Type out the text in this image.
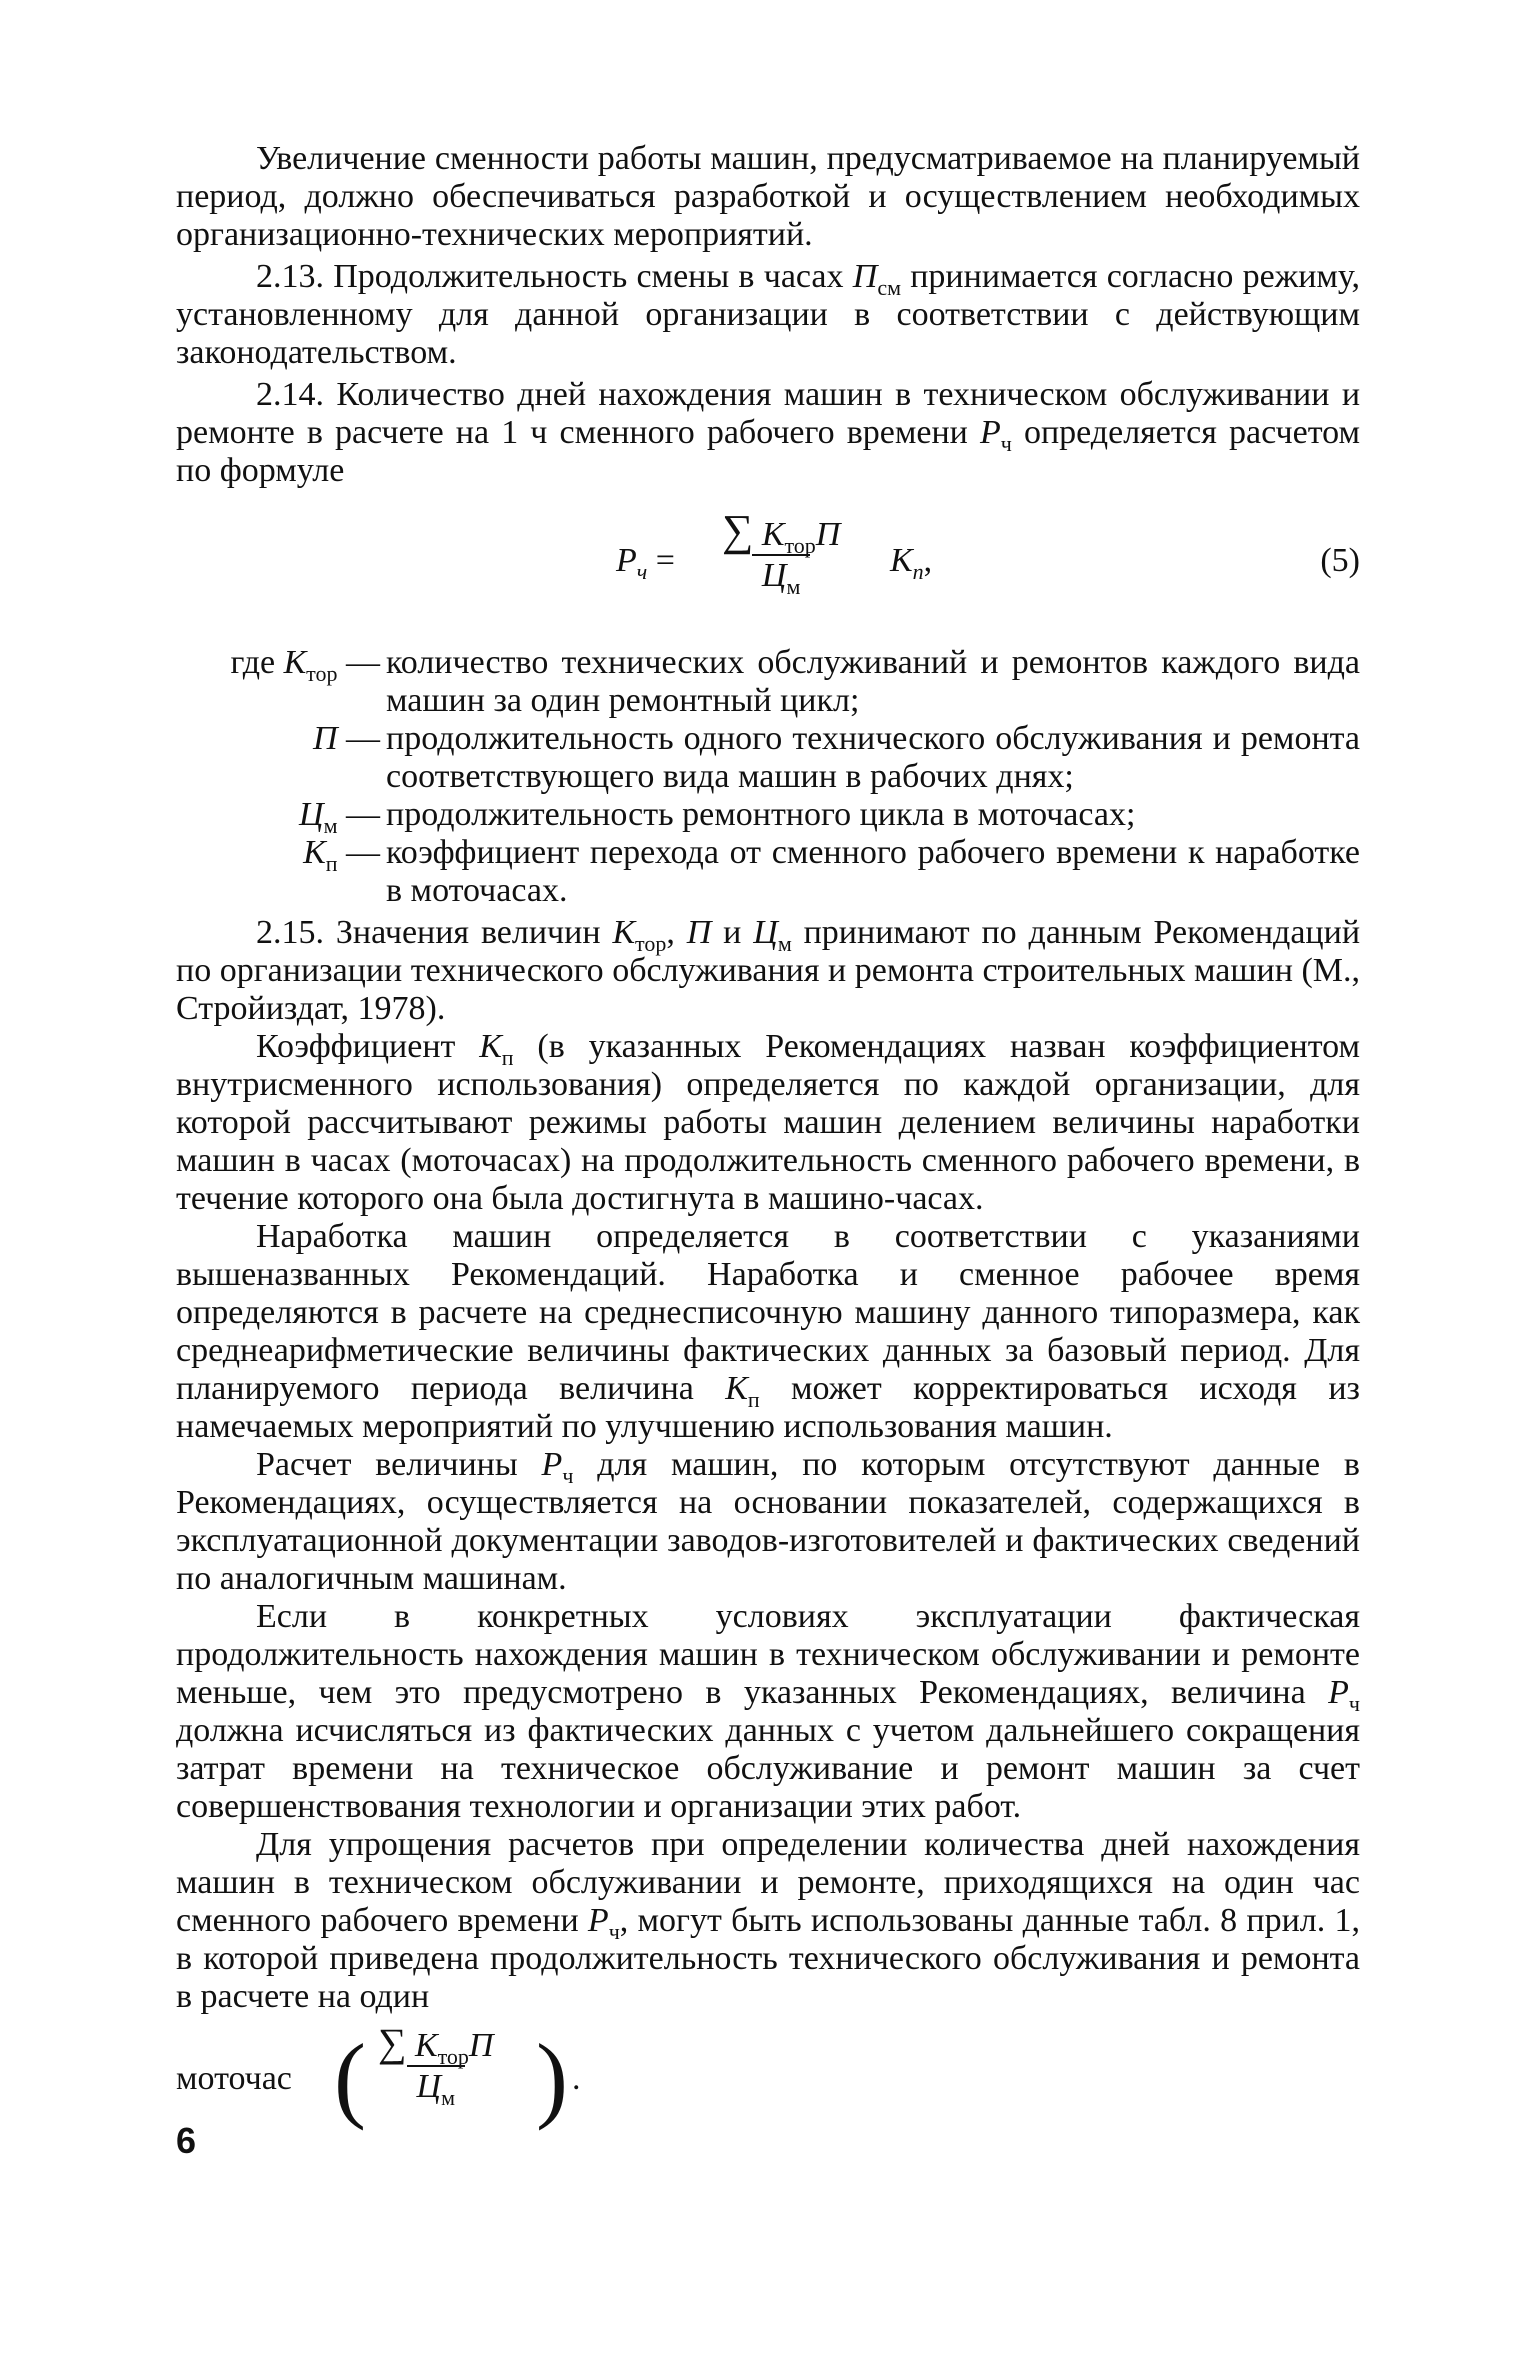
Увеличение сменности работы машин, предусматриваемое на планируемый период, должно обеспечиваться разработкой и осуществлением необходимых организационно-технических мероприятий.

2.13. Продолжительность смены в часах $П_{см}$ принимается согласно режиму, установленному для данной организации в соответствии с действующим законодательством.

2.14. Количество дней нахождения машин в техническом обслуживании и ремонте в расчете на 1 ч сменного рабочего времени $Р_ч$ определяется расчетом по формуле

$Р_ч$ =
∑ $К_{тор}П$
$Ц_м$
$К_п$,	(5)
где $К_{тор}$ — количество технических обслуживаний и ремонтов каждого вида машин за один ремонтный цикл;
П — продолжительность одного технического обслуживания и ремонта соответствующего вида машин в рабочих днях;
$Ц_м$ — продолжительность ремонтного цикла в моточасах;
$К_п$ — коэффициент перехода от сменного рабочего времени к наработке в моточасах.

2.15. Значения величин $К_{тор}$, П и $Ц_м$ принимают по данным Рекомендаций по организации технического обслуживания и ремонта строительных машин (М., Стройиздат, 1978).

Коэффициент $К_п$ (в указанных Рекомендациях назван коэффициентом внутрисменного использования) определяется по каждой организации, для которой рассчитывают режимы работы машин делением величины наработки машин в часах (моточасах) на продолжительность сменного рабочего времени, в течение которого она была достигнута в машино-часах.

Наработка машин определяется в соответствии с указаниями вышеназванных Рекомендаций. Наработка и сменное рабочее время определяются в расчете на среднесписочную машину данного типоразмера, как среднеарифметические величины фактических данных за базовый период. Для планируемого периода величина $К_п$ может корректироваться исходя из намечаемых мероприятий по улучшению использования машин.

Расчет величины $Р_ч$ для машин, по которым отсутствуют данные в Рекомендациях, осуществляется на основании показателей, содержащихся в эксплуатационной документации заводов-изготовителей и фактических сведений по аналогичным машинам.

Если в конкретных условиях эксплуатации фактическая продолжительность нахождения машин в техническом обслуживании и ремонте меньше, чем это предусмотрено в указанных Рекомендациях, величина $Р_ч$ должна исчисляться из фактических данных с учетом дальнейшего сокращения затрат времени на техническое обслуживание и ремонт машин за счет совершенствования технологии и организации этих работ.

Для упрощения расчетов при определении количества дней нахождения машин в техническом обслуживании и ремонте, приходящихся на один час сменного рабочего времени $Р_ч$, могут быть использованы данные табл. 8 прил. 1, в которой приведена продолжительность технического обслуживания и ремонта в расчете на один

моточас ( ∑ $К_{тор}П$
$Ц_м$ ) .
6
